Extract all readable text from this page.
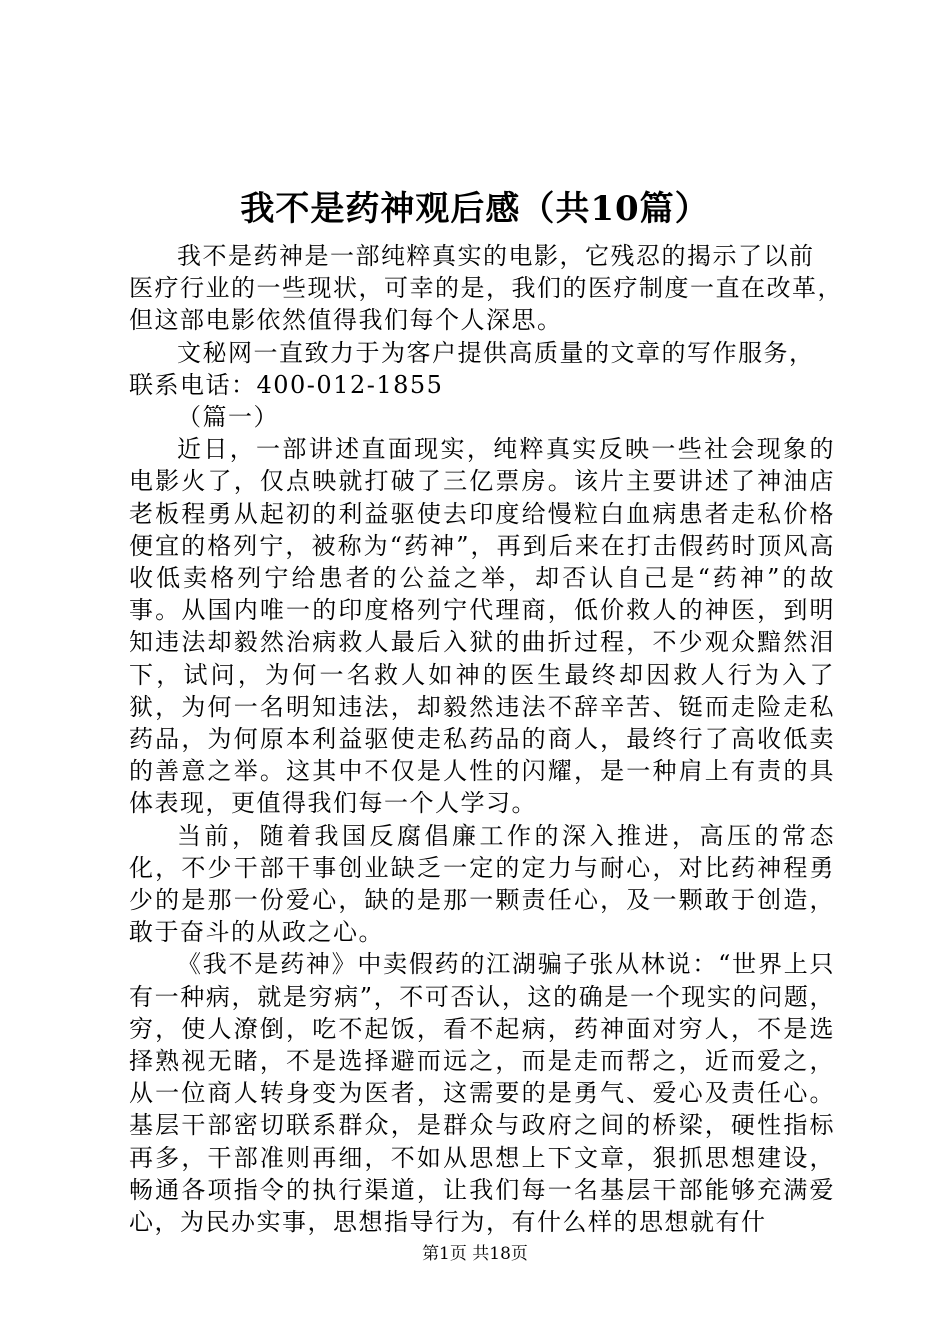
我不是药神观后感（共10篇）

我不是药神是一部纯粹真实的电影，它残忍的揭示了以前

医疗行业的一些现状，可幸的是，我们的医疗制度一直在改革，

但这部电影依然值得我们每个人深思。

文秘网一直致力于为客户提供高质量的文章的写作服务，

联系电话：400-012-1855

（篇一）

近日，一部讲述直面现实，纯粹真实反映一些社会现象的电影火了，仅点映就打破了三亿票房。该片主要讲述了神油店老板程勇从起初的利益驱使去印度给慢粒白血病患者走私价格便宜的格列宁，被称为“药神”，再到后来在打击假药时顶风高收低卖格列宁给患者的公益之举，却否认自己是“药神”的故事。从国内唯一的印度格列宁代理商，低价救人的神医，到明知违法却毅然治病救人最后入狱的曲折过程，不少观众黯然泪下，试问，为何一名救人如神的医生最终却因救人行为入了狱，为何一名明知违法，却毅然违法不辞辛苦、铤而走险走私药品，为何原本利益驱使走私药品的商人，最终行了高收低卖的善意之举。这其中不仅是人性的闪耀，是一种肩上有责的具体表现，更值得我们每一个人学习。

当前，随着我国反腐倡廉工作的深入推进，高压的常态化，不少干部干事创业缺乏一定的定力与耐心，对比药神程勇少的是那一份爱心，缺的是那一颗责任心，及一颗敢于创造，敢于奋斗的从政之心。

《我不是药神》中卖假药的江湖骗子张从林说：“世界上只有一种病，就是穷病”，不可否认，这的确是一个现实的问题，穷，使人潦倒，吃不起饭，看不起病，药神面对穷人，不是选择熟视无睹，不是选择避而远之，而是走而帮之，近而爱之，从一位商人转身变为医者，这需要的是勇气、爱心及责任心。基层干部密切联系群众，是群众与政府之间的桥梁，硬性指标再多，干部准则再细，不如从思想上下文章，狠抓思想建设，畅通各项指令的执行渠道，让我们每一名基层干部能够充满爱心，为民办实事，思想指导行为，有什么样的思想就有什

第1页 共18页
